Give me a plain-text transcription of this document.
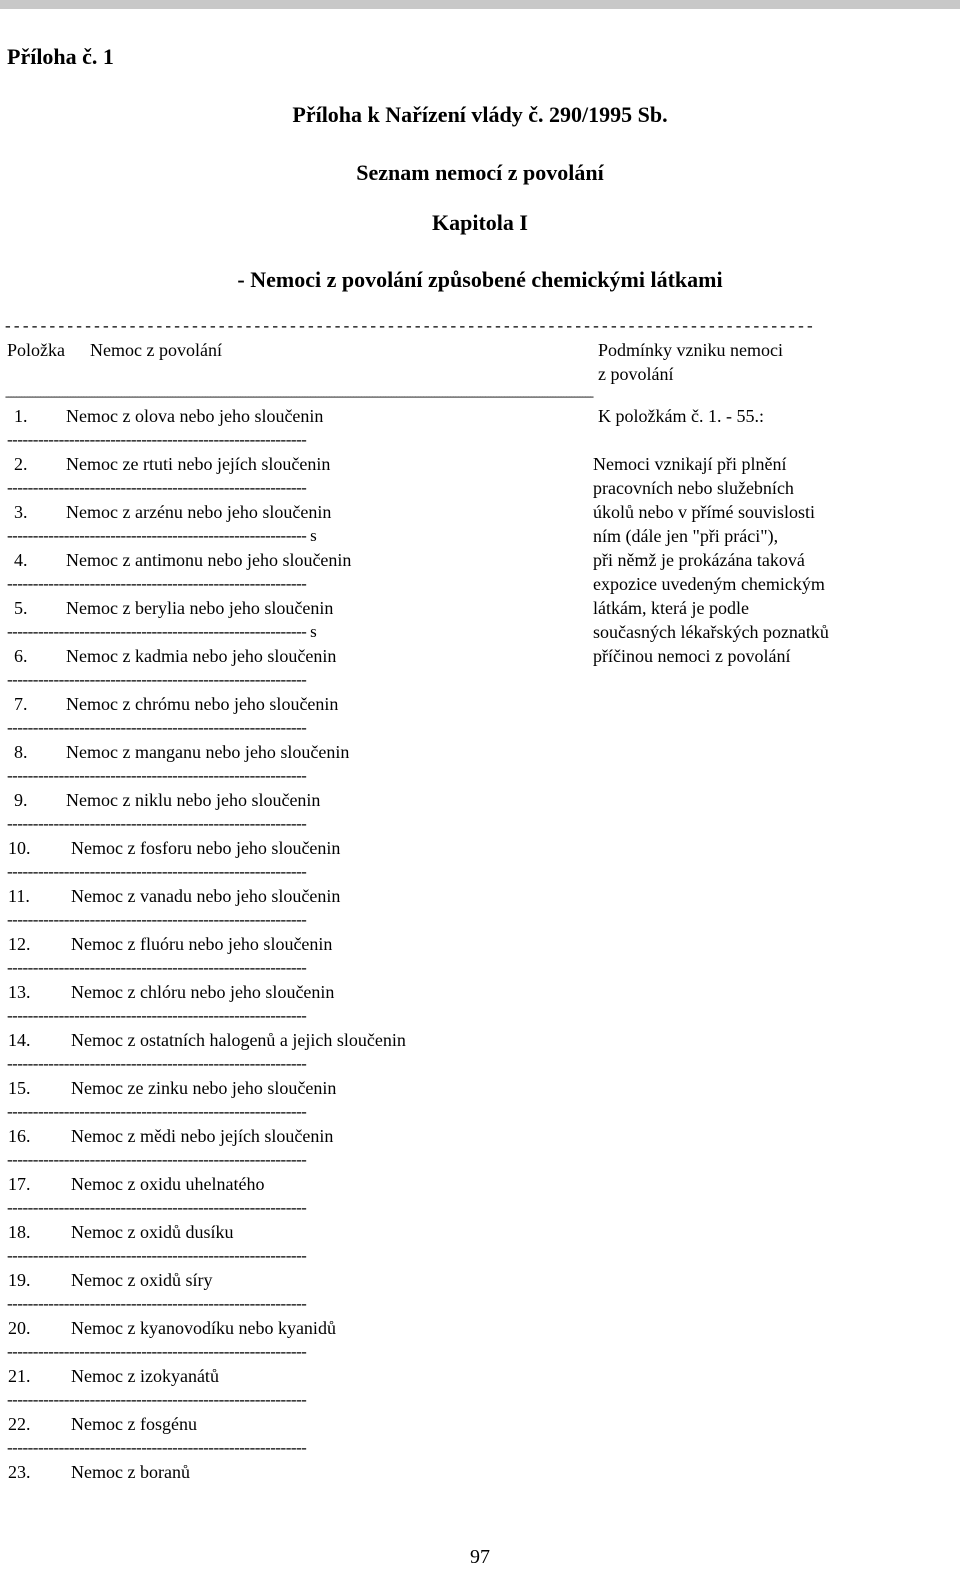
Příloha č. 1
Příloha k Nařízení vlády č. 290/1995 Sb.
Seznam nemocí z povolání
Kapitola I
- Nemoci z povolání způsobené chemickými látkami
- - - - - - - - - - - - - - - - - - - - - - - - - - - - - - - - - - - - - - - - - - - - - - - - - - - - - - - - - - - - - - - - - - - - - - - - - - - - - - - - - - - - - - - - - - -
Položka Nemoc z povolání	Podmínky vzniku nemoci
z povolání
--------------------------------------------------------------------------------------------------------------------------------------------------------------------------------------------------------------------------
1. Nemoc z olova nebo jeho sloučenin
----------------------------------------------------------
2. Nemoc ze rtuti nebo jejích sloučenin
----------------------------------------------------------
3. Nemoc z arzénu nebo jeho sloučenin
---------------------------------------------------------- s
4. Nemoc z antimonu nebo jeho sloučenin
----------------------------------------------------------
5. Nemoc z berylia nebo jeho sloučenin
---------------------------------------------------------- s
6. Nemoc z kadmia nebo jeho sloučenin
----------------------------------------------------------
7. Nemoc z chrómu nebo jeho sloučenin
----------------------------------------------------------
8. Nemoc z manganu nebo jeho sloučenin
----------------------------------------------------------
9. Nemoc z niklu nebo jeho sloučenin
----------------------------------------------------------
10. Nemoc z fosforu nebo jeho sloučenin
----------------------------------------------------------
11. Nemoc z vanadu nebo jeho sloučenin
----------------------------------------------------------
12. Nemoc z fluóru nebo jeho sloučenin
----------------------------------------------------------
13. Nemoc z chlóru nebo jeho sloučenin
----------------------------------------------------------
14. Nemoc z ostatních halogenů a jejich sloučenin
----------------------------------------------------------
15. Nemoc ze zinku nebo jeho sloučenin
----------------------------------------------------------
16. Nemoc z mědi nebo jejích sloučenin
----------------------------------------------------------
17. Nemoc z oxidu uhelnatého
----------------------------------------------------------
18. Nemoc z oxidů dusíku
----------------------------------------------------------
19. Nemoc z oxidů síry
----------------------------------------------------------
20. Nemoc z kyanovodíku nebo kyanidů
----------------------------------------------------------
21. Nemoc z izokyanátů
----------------------------------------------------------
22. Nemoc z fosgénu
----------------------------------------------------------
23. Nemoc z boranů
K položkám č. 1. - 55.:
Nemoci vznikají při plnění
pracovních nebo služebních
úkolů nebo v přímé souvislosti
ním (dále jen "při práci"),
při němž je prokázána taková
expozice uvedeným chemickým
látkám, která je podle
současných lékařských poznatků
příčinou nemoci z povolání
97
